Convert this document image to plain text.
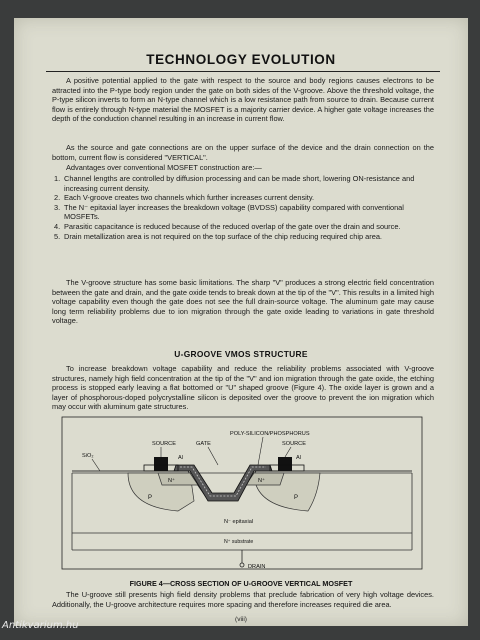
TECHNOLOGY EVOLUTION

A positive potential applied to the gate with respect to the source and body regions causes electrons to be attracted into the P-type body region under the gate on both sides of the V-groove. Above the threshold voltage, the P-type silicon inverts to form an N-type channel which is a low resistance path from source to drain. Because current flow is entirely through N-type material the MOSFET is a majority carrier device. A higher gate voltage increases the depth of the conduction channel resulting in an increase in current flow.

As the source and gate connections are on the upper surface of the device and the drain connection on the bottom, current flow is considered "VERTICAL".

Advantages over conventional MOSFET construction are:—

1. Channel lengths are controlled by diffusion processing and can be made short, lowering ON-resistance and increasing current density.
2. Each V-groove creates two channels which further increases current density.
3. The N⁻ epitaxial layer increases the breakdown voltage (BVDSS) capability compared with conventional MOSFETs.
4. Parasitic capacitance is reduced because of the reduced overlap of the gate over the drain and source.
5. Drain metallization area is not required on the top surface of the chip reducing required chip area.

The V-groove structure has some basic limitations. The sharp "V" produces a strong electric field concentration between the gate and drain, and the gate oxide tends to break down at the tip of the "V". This results in a limited high voltage capability even though the gate does not see the full drain-source voltage. The aluminum gate may cause long term reliability problems due to ion migration through the gate oxide leading to variations in gate threshold voltage.

U-GROOVE VMOS STRUCTURE

To increase breakdown voltage capability and reduce the reliability problems associated with V-groove structures, namely high field concentration at the tip of the "V" and ion migration through the gate oxide, the etching process is stopped early leaving a flat bottomed or "U" shaped groove (Figure 4). The oxide layer is grown and a layer of phosphorous-doped polycrystalline silicon is deposited over the groove to prevent the ion migration which may occur with aluminum gate structures.

SOURCE	GATE
POLY-SILICON/PHOSPHORUS
SOURCE
Al	Al
SiO₂
N⁺	N⁺
P	P
N⁻ epitaxial
N⁺ substrate
DRAIN
FIGURE 4—CROSS SECTION OF U-GROOVE VERTICAL MOSFET

The U-groove still presents high field density problems that preclude fabrication of very high voltage devices. Additionally, the U-groove architecture requires more spacing and therefore increases required die area.

(viii)
Antikvarium.hu
